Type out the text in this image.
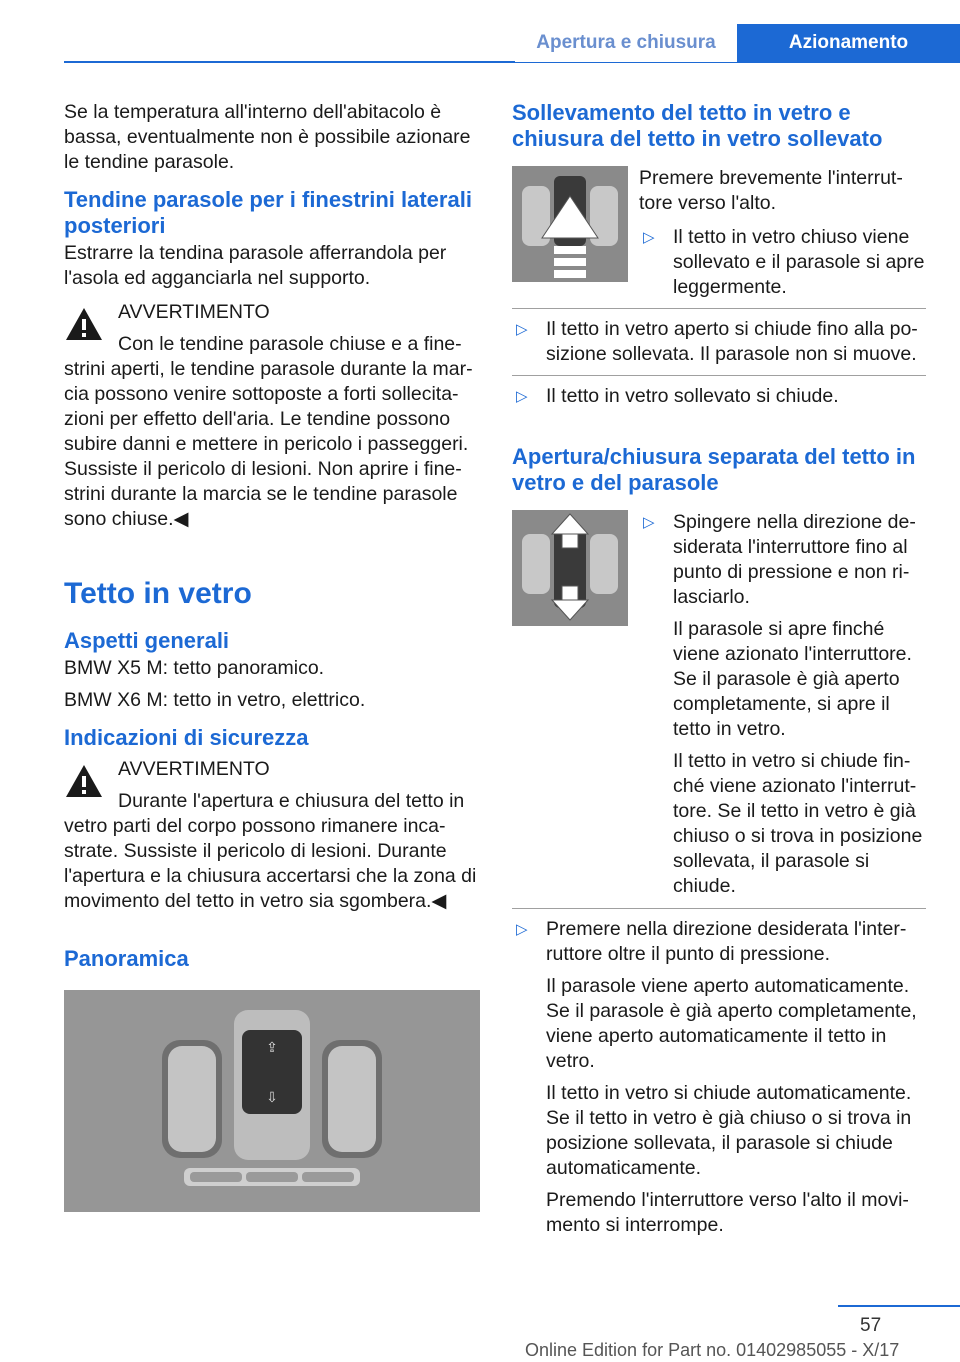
Apertura e chiusura	Azionamento

Se la temperatura all'interno dell'abitacolo è bassa, eventualmente non è possibile azionare le tendine parasole.

Tendine parasole per i finestrini laterali posteriori

Estrarre la tendina parasole afferrandola per l'asola ed agganciarla nel supporto.

AVVERTIMENTO
Con le tendine parasole chiuse e a fine-
strini aperti, le tendine parasole durante la mar- cia possono venire sottoposte a forti sollecita- zioni per effetto dell'aria. Le tendine possono subire danni e mettere in pericolo i passeggeri. Sussiste il pericolo di lesioni. Non aprire i fine- strini durante la marcia se le tendine parasole sono chiuse.◀
Tetto in vetro
Aspetti generali

BMW X5 M: tetto panoramico.

BMW X6 M: tetto in vetro, elettrico.

Indicazioni di sicurezza
AVVERTIMENTO
Durante l'apertura e chiusura del tetto in
vetro parti del corpo possono rimanere inca- strate. Sussiste il pericolo di lesioni. Durante l'apertura e la chiusura accertarsi che la zona di movimento del tetto in vetro sia sgombera.◀
Panoramica
⇪
⇩
Sollevamento del tetto in vetro e chiusura del tetto in vetro sollevato

Premere brevemente l'interrut- tore verso l'alto.

▷ Il tetto in vetro chiuso viene sollevato e il parasole si apre leggermente.
▷ Il tetto in vetro aperto si chiude fino alla po- sizione sollevata. Il parasole non si muove.
▷ Il tetto in vetro sollevato si chiude.
Apertura/chiusura separata del tetto in vetro e del parasole
▷ Spingere nella direzione de- siderata l'interruttore fino al punto di pressione e non ri- lasciarlo.

Il parasole si apre finché viene azionato l'interruttore. Se il parasole è già aperto completamente, si apre il tetto in vetro.

Il tetto in vetro si chiude fin- ché viene azionato l'interrut- tore. Se il tetto in vetro è già chiuso o si trova in posizione sollevata, il parasole si chiude.

▷ Premere nella direzione desiderata l'inter- ruttore oltre il punto di pressione.

Il parasole viene aperto automaticamente. Se il parasole è già aperto completamente, viene aperto automaticamente il tetto in vetro.

Il tetto in vetro si chiude automaticamente. Se il tetto in vetro è già chiuso o si trova in posizione sollevata, il parasole si chiude automaticamente.

Premendo l'interruttore verso l'alto il movi- mento si interrompe.

57
Online Edition for Part no. 01402985055 - X/17
